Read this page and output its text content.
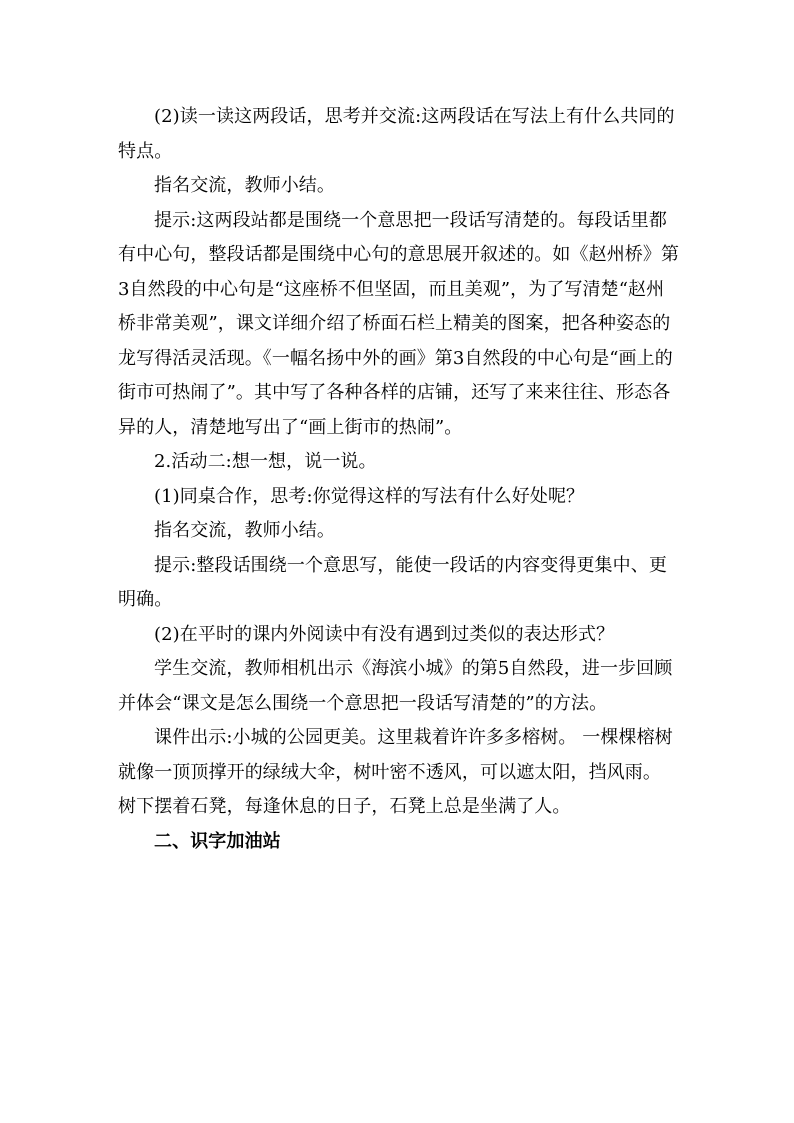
(2)读一读这两段话，思考并交流:这两段话在写法上有什么共同的特点。

指名交流，教师小结。

提示:这两段站都是围绕一个意思把一段话写清楚的。每段话里都有中心句，整段话都是围绕中心句的意思展开叙述的。如《赵州桥》第3自然段的中心句是“这座桥不但坚固，而且美观”，为了写清楚“赵州桥非常美观”，课文详细介绍了桥面石栏上精美的图案，把各种姿态的龙写得活灵活现。《一幅名扬中外的画》第3自然段的中心句是“画上的街市可热闹了”。其中写了各种各样的店铺，还写了来来往往、形态各异的人，清楚地写出了“画上街市的热闹”。

2.活动二:想一想，说一说。

(1)同桌合作，思考:你觉得这样的写法有什么好处呢？

指名交流，教师小结。

提示:整段话围绕一个意思写，能使一段话的内容变得更集中、更明确。

(2)在平时的课内外阅读中有没有遇到过类似的表达形式？

学生交流，教师相机出示《海滨小城》的第5自然段，进一步回顾并体会“课文是怎么围绕一个意思把一段话写清楚的”的方法。

课件出示:小城的公园更美。这里栽着许许多多榕树。 一棵棵榕树就像一顶顶撑开的绿绒大伞，树叶密不透风，可以遮太阳，挡风雨。 树下摆着石凳，每逢休息的日子，石凳上总是坐满了人。

二、识字加油站
